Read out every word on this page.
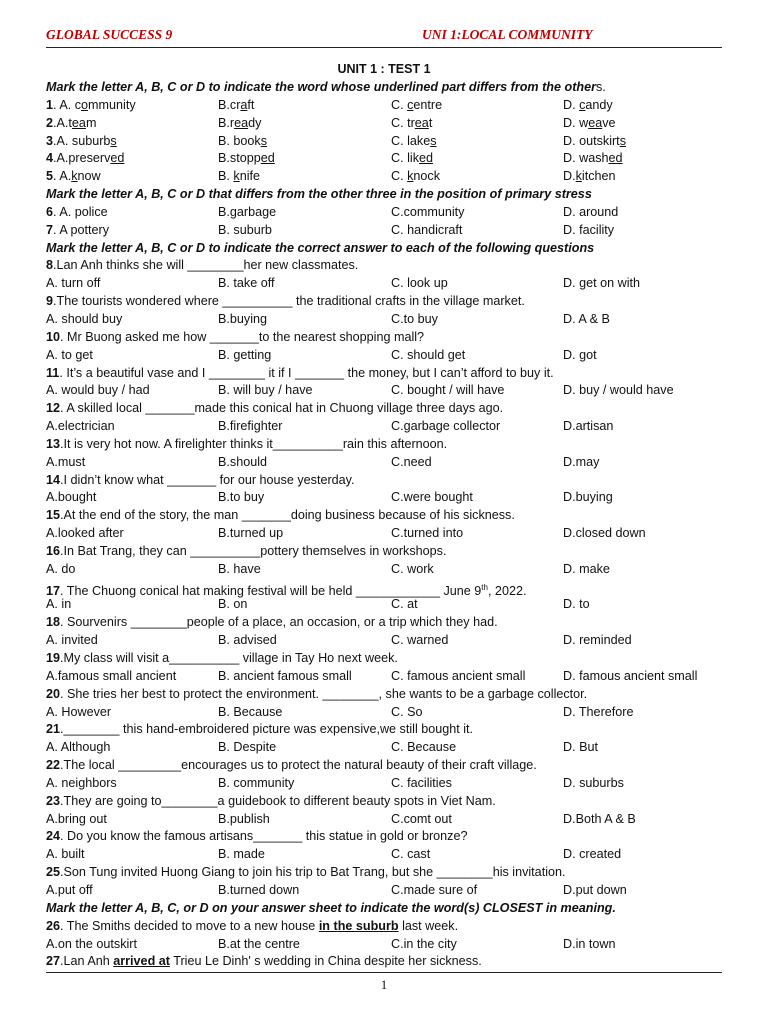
GLOBAL SUCCESS 9	UNI 1:LOCAL COMMUNITY
UNIT 1 : TEST 1
Mark the letter A, B, C or D to indicate the word whose underlined part differs from the others.
1. A. community	B.craft	C. centre	D. candy
2.A.team	B.ready	C. treat	D. weave
3.A. suburbs	B. books	C. lakes	D. outskirts
4.A.preserved	B.stopped	C. liked	D. washed
5. A.know	B. knife	C. knock	D.kitchen
Mark the letter A, B, C or D that differs from the other three in the position of primary stress
6. A. police	B.garbage	C.community	D. around
7. A pottery	B. suburb	C. handicraft	D. facility
Mark the letter A, B, C or D to indicate the correct answer to each of the following questions
8.Lan Anh thinks she will ________her new classmates.
A. turn off	B. take off	C. look up	D. get on with
9.The tourists wondered where __________ the traditional crafts in the village market.
A. should buy	B.buying	C.to buy	D. A & B
10. Mr Buong asked me how _______to the nearest shopping mall?
A. to get	B. getting	C. should get	D. got
11. It’s a beautiful vase and I ________ it if I _______ the money, but I can’t afford to buy it.
A. would buy / had	B. will buy / have	C. bought / will have	D. buy / would have
12. A skilled local _______made this conical hat in Chuong village three days ago.
A.electrician	B.firefighter	C.garbage collector	D.artisan
13.It is very hot now. A firelighter thinks it__________rain this afternoon.
A.must	B.should	C.need	D.may
14.I didn’t know what _______ for our house yesterday.
A.bought	B.to buy	C.were bought	D.buying
15.At the end of the story, the man _______doing business because of his sickness.
A.looked after	B.turned up	C.turned into	D.closed down
16.In Bat Trang, they can __________pottery themselves in workshops.
A. do	B. have	C. work	D. make
17. The Chuong conical hat making festival will be held ____________ June 9th, 2022.
A. in	B. on	C. at	D. to
18. Sourvenirs ________people of a place, an occasion, or a trip which they had.
A. invited	B. advised	C. warned	D. reminded
19.My class will visit a__________ village in Tay Ho next week.
A.famous small ancient	B. ancient famous small	C. famous ancient small	D. famous ancient small
20. She tries her best to protect the environment. ________, she wants to be a garbage collector.
A. However	B. Because	C. So	D. Therefore
21.________ this hand-embroidered picture was expensive,we still bought it.
A. Although	B. Despite	C. Because	D. But
22.The local _________encourages us to protect the natural beauty of their craft village.
A. neighbors	B. community	C. facilities	D. suburbs
23.They are going to________a guidebook to different beauty spots in Viet Nam.
A.bring out	B.publish	C.comt out	D.Both A & B
24. Do you know the famous artisans_______ this statue in gold or bronze?
A. built	B. made	C. cast	D. created
25.Son Tung invited Huong Giang to join his trip to Bat Trang, but she ________his invitation.
A.put off	B.turned down	C.made sure of	D.put down
Mark the letter A, B, C, or D on your answer sheet to indicate the word(s) CLOSEST in meaning.
26. The Smiths decided to move to a new house in the suburb last week.
A.on the outskirt	B.at the centre	C.in the city	D.in town
27.Lan Anh arrived at Trieu Le Dinh' s wedding in China despite her sickness.
1
